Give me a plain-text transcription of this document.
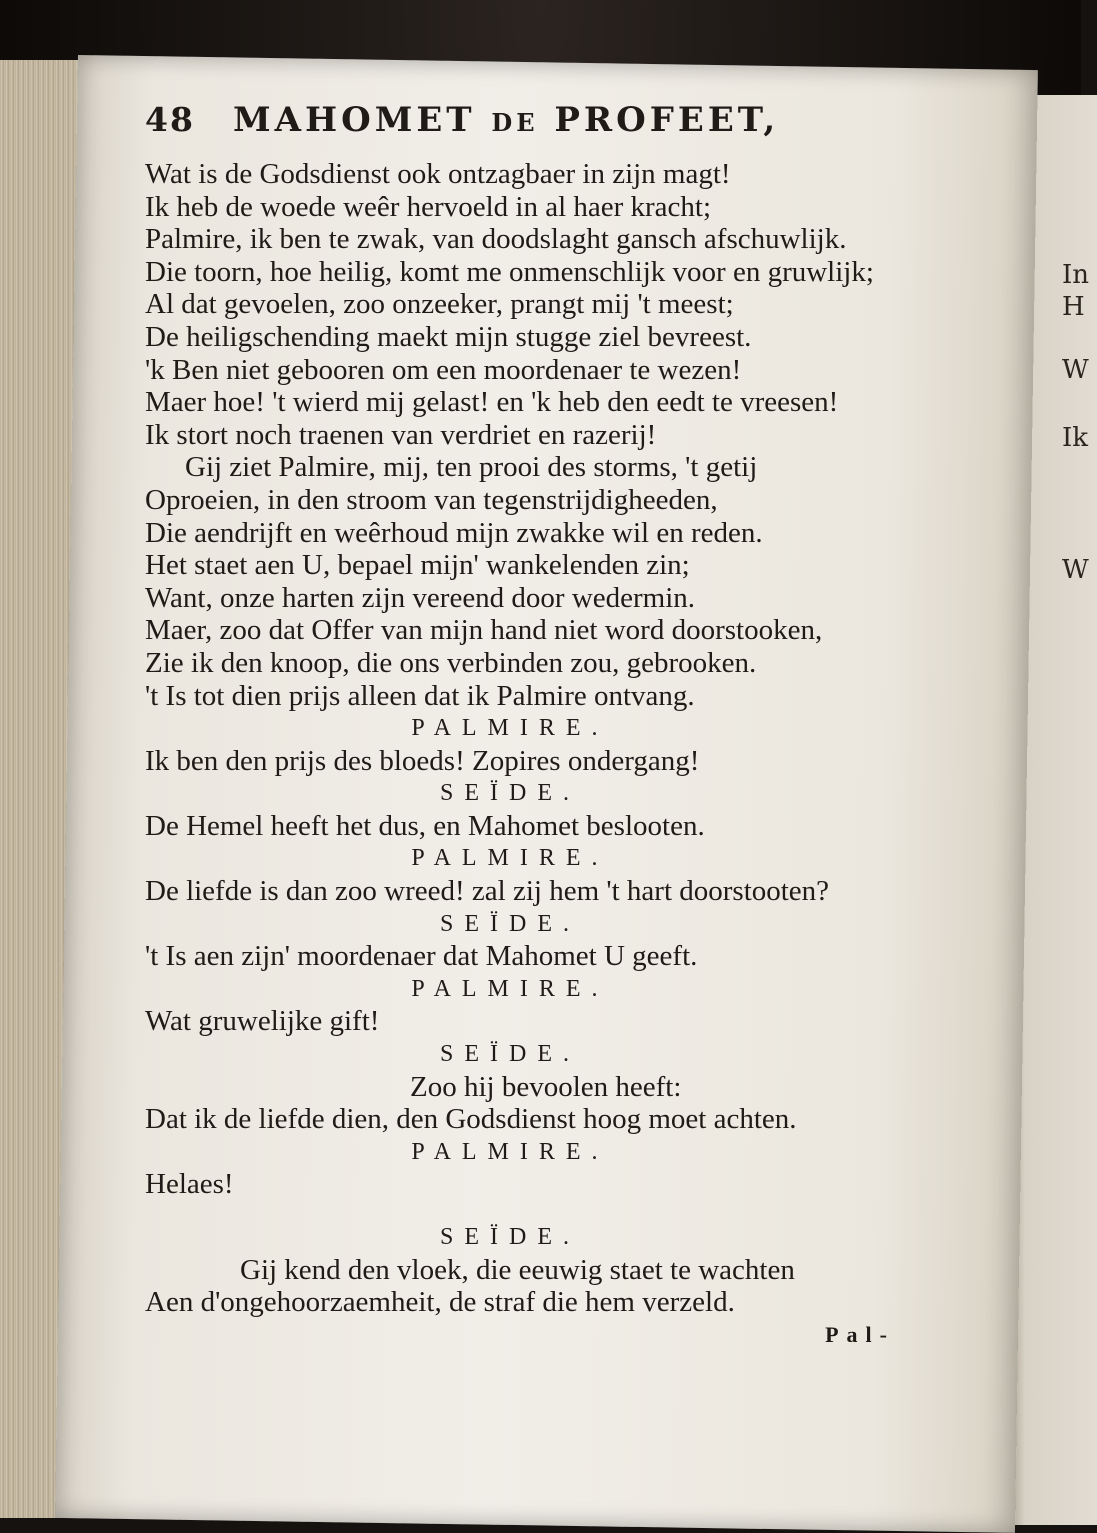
In
H
W
Ik
W
48 MAHOMET DE PROFEET,
Wat is de Godsdienst ook ontzagbaer in zijn magt!
Ik heb de woede weêr hervoeld in al haer kracht;
Palmire, ik ben te zwak, van doodslaght gansch afschuwlijk.
Die toorn, hoe heilig, komt me onmenschlijk voor en gruwlijk;
Al dat gevoelen, zoo onzeeker, prangt mij 't meest;
De heiligschending maekt mijn stugge ziel bevreest.
'k Ben niet gebooren om een moordenaer te wezen!
Maer hoe! 't wierd mij gelast! en 'k heb den eedt te vreesen!
Ik stort noch traenen van verdriet en razerij!
Gij ziet Palmire, mij, ten prooi des storms, 't getij
Oproeien, in den stroom van tegenstrijdigheeden,
Die aendrijft en weêrhoud mijn zwakke wil en reden.
Het staet aen U, bepael mijn' wankelenden zin;
Want, onze harten zijn vereend door wedermin.
Maer, zoo dat Offer van mijn hand niet word doorstooken,
Zie ik den knoop, die ons verbinden zou, gebrooken.
't Is tot dien prijs alleen dat ik Palmire ontvang.
PALMIRE.
Ik ben den prijs des bloeds! Zopires ondergang!
SEÏDE.
De Hemel heeft het dus, en Mahomet beslooten.
PALMIRE.
De liefde is dan zoo wreed! zal zij hem 't hart doorstooten?
SEÏDE.
't Is aen zijn' moordenaer dat Mahomet U geeft.
PALMIRE.
Wat gruwelijke gift!
SEÏDE.
Zoo hij bevoolen heeft:
Dat ik de liefde dien, den Godsdienst hoog moet achten.
PALMIRE.
Helaes!
SEÏDE.
Gij kend den vloek, die eeuwig staet te wachten
Aen d'ongehoorzaemheit, de straf die hem verzeld.
Pal-
